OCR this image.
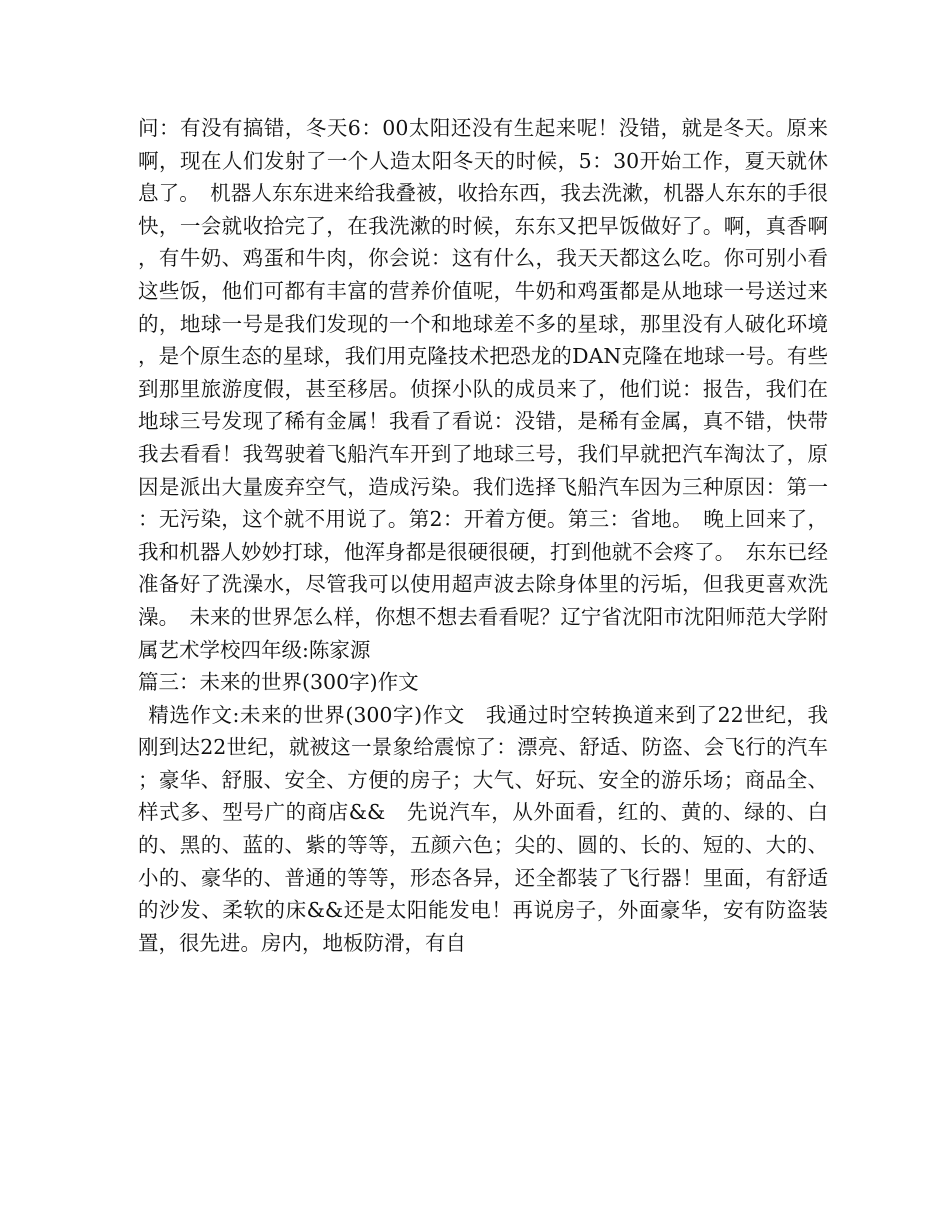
问：有没有搞错，冬天6：00太阳还没有生起来呢！没错，就是冬天。原来啊，现在人们发射了一个人造太阳冬天的时候，5：30开始工作，夏天就休息了。　机器人东东进来给我叠被，收拾东西，我去洗漱，机器人东东的手很快，一会就收拾完了，在我洗漱的时候，东东又把早饭做好了。啊，真香啊，有牛奶、鸡蛋和牛肉，你会说：这有什么，我天天都这么吃。你可别小看这些饭，他们可都有丰富的营养价值呢，牛奶和鸡蛋都是从地球一号送过来的，地球一号是我们发现的一个和地球差不多的星球，那里没有人破化环境，是个原生态的星球，我们用克隆技术把恐龙的DAN克隆在地球一号。有些到那里旅游度假，甚至移居。侦探小队的成员来了，他们说：报告，我们在地球三号发现了稀有金属！我看了看说：没错，是稀有金属，真不错，快带我去看看！我驾驶着飞船汽车开到了地球三号，我们早就把汽车淘汰了，原因是派出大量废弃空气，造成污染。我们选择飞船汽车因为三种原因：第一：无污染，这个就不用说了。第2：开着方便。第三：省地。　晚上回来了，我和机器人妙妙打球，他浑身都是很硬很硬，打到他就不会疼了。　东东已经准备好了洗澡水，尽管我可以使用超声波去除身体里的污垢，但我更喜欢洗澡。　未来的世界怎么样，你想不想去看看呢？辽宁省沈阳市沈阳师范大学附属艺术学校四年级:陈家源

篇三：未来的世界(300字)作文

精选作文:未来的世界(300字)作文　我通过时空转换道来到了22世纪，我刚到达22世纪，就被这一景象给震惊了：漂亮、舒适、防盗、会飞行的汽车；豪华、舒服、安全、方便的房子；大气、好玩、安全的游乐场；商品全、样式多、型号广的商店&&　先说汽车，从外面看，红的、黄的、绿的、白的、黑的、蓝的、紫的等等，五颜六色；尖的、圆的、长的、短的、大的、小的、豪华的、普通的等等，形态各异，还全都装了飞行器！里面，有舒适的沙发、柔软的床&&还是太阳能发电！再说房子，外面豪华，安有防盗装置，很先进。房内，地板防滑，有自
